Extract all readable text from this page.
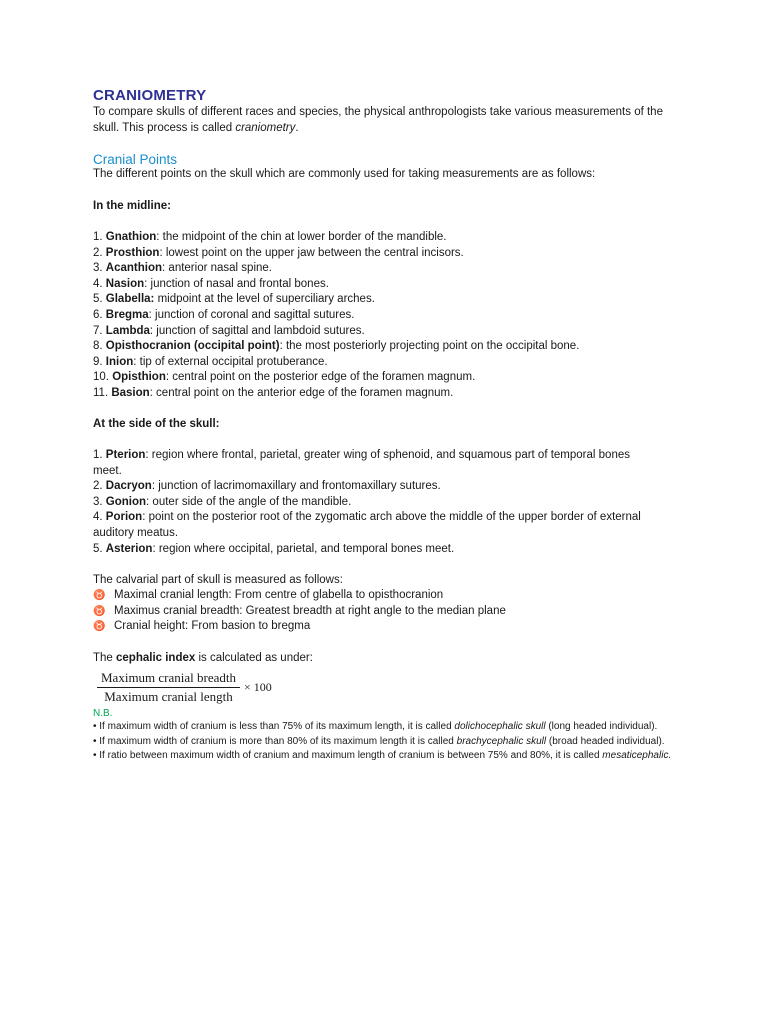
CRANIOMETRY

To compare skulls of different races and species, the physical anthropologists take various measurements of the skull. This process is called craniometry.

Cranial Points

The different points on the skull which are commonly used for taking measurements are as follows:

In the midline:

1. Gnathion: the midpoint of the chin at lower border of the mandible.
2. Prosthion: lowest point on the upper jaw between the central incisors.
3. Acanthion: anterior nasal spine.
4. Nasion: junction of nasal and frontal bones.
5. Glabella: midpoint at the level of superciliary arches.
6. Bregma: junction of coronal and sagittal sutures.
7. Lambda: junction of sagittal and lambdoid sutures.
8. Opisthocranion (occipital point): the most posteriorly projecting point on the occipital bone.
9. Inion: tip of external occipital protuberance.
10. Opisthion: central point on the posterior edge of the foramen magnum.
11. Basion: central point on the anterior edge of the foramen magnum.

At the side of the skull:

1. Pterion: region where frontal, parietal, greater wing of sphenoid, and squamous part of temporal bones meet.
2. Dacryon: junction of lacrimomaxillary and frontomaxillary sutures.
3. Gonion: outer side of the angle of the mandible.
4. Porion: point on the posterior root of the zygomatic arch above the middle of the upper border of external auditory meatus.
5. Asterion: region where occipital, parietal, and temporal bones meet.

The calvarial part of skull is measured as follows:

♉ Maximal cranial length: From centre of glabella to opisthocranion
♉ Maximus cranial breadth: Greatest breadth at right angle to the median plane
♉ Cranial height: From basion to bregma

The cephalic index is calculated as under:

$\frac{\text{Maximum cranial breadth}}{\text{Maximum cranial length}} \times 100$

N.B.

• If maximum width of cranium is less than 75% of its maximum length, it is called dolichocephalic skull (long headed individual).
• If maximum width of cranium is more than 80% of its maximum length it is called brachycephalic skull (broad headed individual).
• If ratio between maximum width of cranium and maximum length of cranium is between 75% and 80%, it is called mesaticephalic.
